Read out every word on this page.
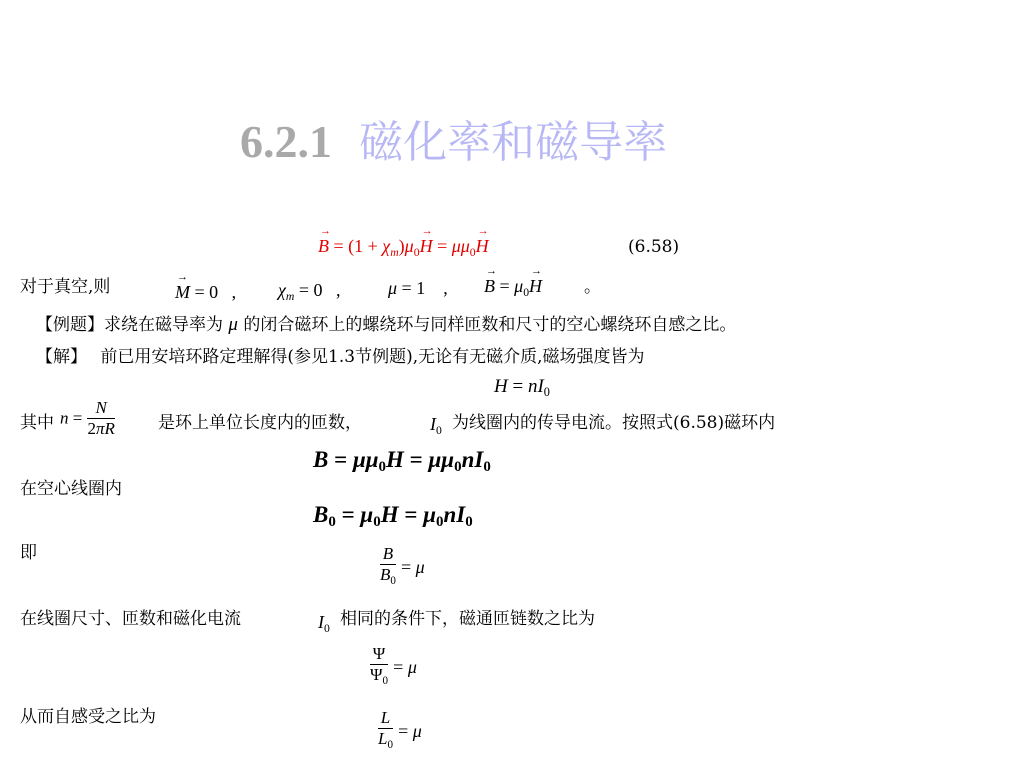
6.2.1 磁化率和磁导率
→ $B = (1 + \chi_m)\mu_0\to H = \mu\mu_0\to H$	(6.58)
对于真空,则	→ M = 0   , $\chi_m = 0$   ,	μ = 1    , → $B = \mu_0\to H$ 。
【例题】求绕在磁导率为 μ 的闭合磁环上的螺绕环与同样匝数和尺寸的空心螺绕环自感之比。
【解】 前已用安培环路定理解得(参见1.3节例题),无论有无磁介质,磁场强度皆为
$H = nI_0$
其中 $n = \frac{N}{2\pi R}$	是环上单位长度内的匝数，	$I_0$ 为线圈内的传导电流。按照式(6.58)磁环内
$B = \mu\mu_0H = \mu\mu_0nI_0$
在空心线圈内
$B_0 = \mu_0H = \mu_0nI_0$
即	$\frac{B}{B_0} = \mu$
在线圈尺寸、匝数和磁化电流	$I_0$ 相同的条件下，磁通匝链数之比为
$\frac{\Psi}{\Psi_0} = \mu$
从而自感受之比为	$\frac{L}{L_0} = \mu$
